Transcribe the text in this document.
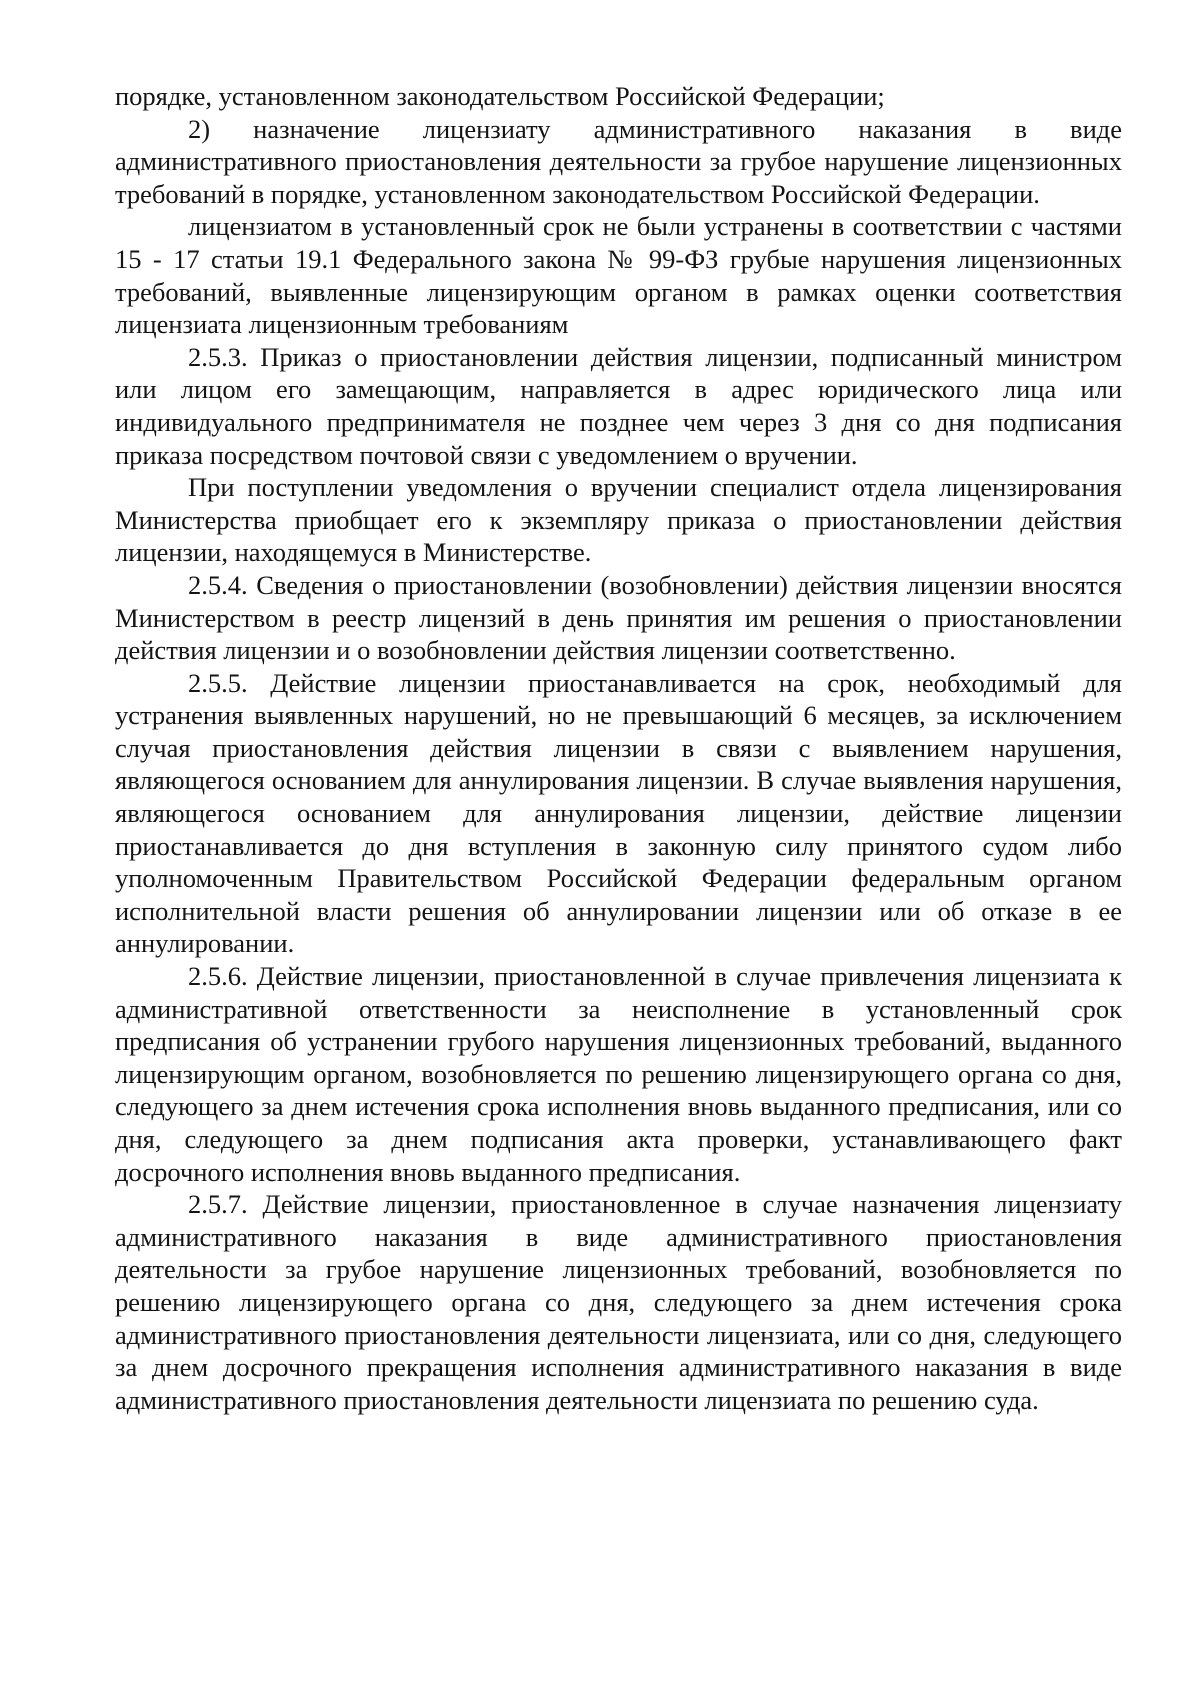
порядке, установленном законодательством Российской Федерации;

2) назначение лицензиату административного наказания в виде административного приостановления деятельности за грубое нарушение лицензионных требований в порядке, установленном законодательством Российской Федерации.

лицензиатом в установленный срок не были устранены в соответствии с частями 15 - 17 статьи 19.1 Федерального закона № 99-ФЗ грубые нарушения лицензионных требований, выявленные лицензирующим органом в рамках оценки соответствия лицензиата лицензионным требованиям

2.5.3. Приказ о приостановлении действия лицензии, подписанный министром или лицом его замещающим, направляется в адрес юридического лица или индивидуального предпринимателя не позднее чем через 3 дня со дня подписания приказа посредством почтовой связи с уведомлением о вручении.

При поступлении уведомления о вручении специалист отдела лицензирования Министерства приобщает его к экземпляру приказа о приостановлении действия лицензии, находящемуся в Министерстве.

2.5.4. Сведения о приостановлении (возобновлении) действия лицензии вносятся Министерством в реестр лицензий в день принятия им решения о приостановлении действия лицензии и о возобновлении действия лицензии соответственно.

2.5.5. Действие лицензии приостанавливается на срок, необходимый для устранения выявленных нарушений, но не превышающий 6 месяцев, за исключением случая приостановления действия лицензии в связи с выявлением нарушения, являющегося основанием для аннулирования лицензии. В случае выявления нарушения, являющегося основанием для аннулирования лицензии, действие лицензии приостанавливается до дня вступления в законную силу принятого судом либо уполномоченным Правительством Российской Федерации федеральным органом исполнительной власти решения об аннулировании лицензии или об отказе в ее аннулировании.

2.5.6. Действие лицензии, приостановленной в случае привлечения лицензиата к административной ответственности за неисполнение в установленный срок предписания об устранении грубого нарушения лицензионных требований, выданного лицензирующим органом, возобновляется по решению лицензирующего органа со дня, следующего за днем истечения срока исполнения вновь выданного предписания, или со дня, следующего за днем подписания акта проверки, устанавливающего факт досрочного исполнения вновь выданного предписания.

2.5.7. Действие лицензии, приостановленное в случае назначения лицензиату административного наказания в виде административного приостановления деятельности за грубое нарушение лицензионных требований, возобновляется по решению лицензирующего органа со дня, следующего за днем истечения срока административного приостановления деятельности лицензиата, или со дня, следующего за днем досрочного прекращения исполнения административного наказания в виде административного приостановления деятельности лицензиата по решению суда.
